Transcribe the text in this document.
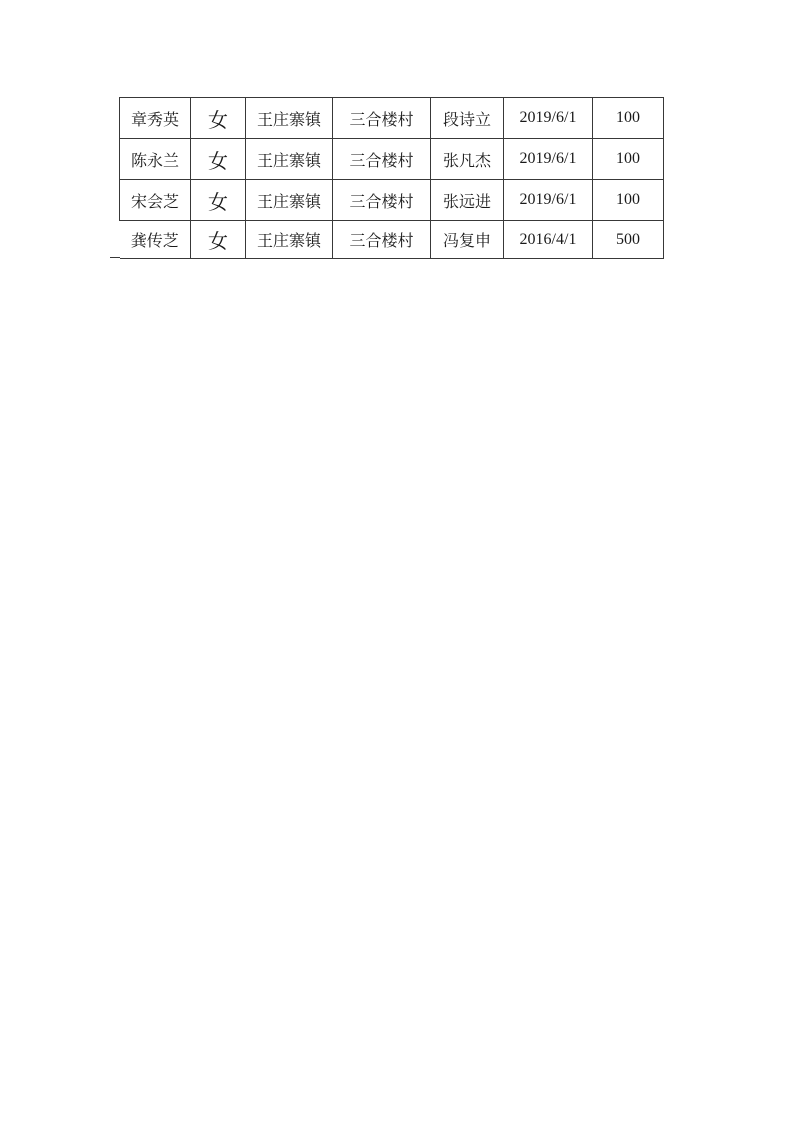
章秀英	女	王庄寨镇	三合楼村	段诗立	2019/6/1	100
陈永兰	女	王庄寨镇	三合楼村	张凡杰	2019/6/1	100
宋会芝	女	王庄寨镇	三合楼村	张远进	2019/6/1	100
龚传芝	女	王庄寨镇	三合楼村	冯复申	2016/4/1	500
